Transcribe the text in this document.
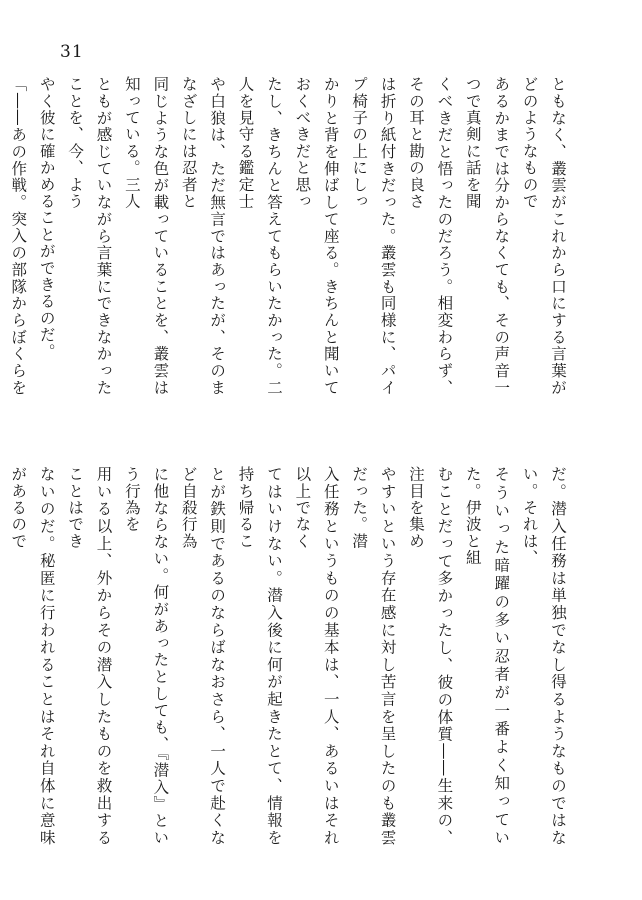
31

ともなく、叢雲がこれから口にする言葉がどのようなもので

あるかまでは分からなくても、その声音一つで真剣に話を聞

くべきだと悟ったのだろう。相変わらず、その耳と勘の良さ

は折り紙付きだった。叢雲も同様に、パイプ椅子の上にしっ

かりと背を伸ばして座る。きちんと聞いておくべきだと思っ

たし、きちんと答えてもらいたかった。二人を見守る鑑定士

や白狼は、ただ無言ではあったが、そのまなざしには忍者と

同じような色が載っていることを、叢雲は知っている。三人

ともが感じていながら言葉にできなかったことを、今、よう

やく彼に確かめることができるのだ。

「――あの作戦。突入の部隊からぼくらを

だ。潜入任務は単独でなし得るようなものではない。それは、

そういった暗躍の多い忍者が一番よく知っていた。伊波と組

むことだって多かったし、彼の体質――生来の、注目を集め

やすいという存在感に対し苦言を呈したのも叢雲だった。潜

入任務というものの基本は、一人、あるいはそれ以上でなく

てはいけない。潜入後に何が起きたとて、情報を持ち帰るこ

とが鉄則であるのならばなおさら、一人で赴くなど自殺行為

に他ならない。何があったとしても、『潜入』という行為を

用いる以上、外からその潜入したものを救出することはでき

ないのだ。秘匿に行われることはそれ自体に意味があるので
